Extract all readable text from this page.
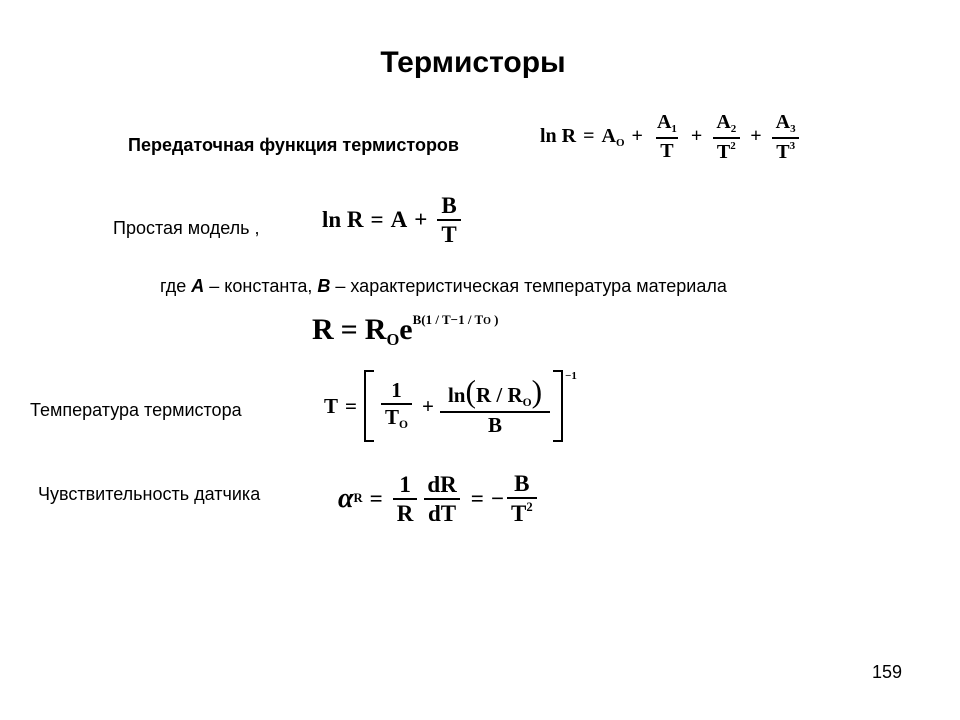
Термисторы
Передаточная функция термисторов	$\ln R = A_O + \frac{A_1}{T} + \frac{A_2}{T^2} + \frac{A_3}{T^3}$
Простая модель ,	$\ln R = A + \frac{B}{T}$
где A – константа, B – характеристическая температура материала
$R = R_Oe^{B(1 / T-1 / TO )}$
Температура термистора	$T = \frac{1}{T_O} + \frac{\ln(R / R_O)}{B}$	−1
Чувствительность датчика	α $R = \frac{1}{R} \frac{dR}{dT}$ = − $\frac{B}{T^2}$
159
